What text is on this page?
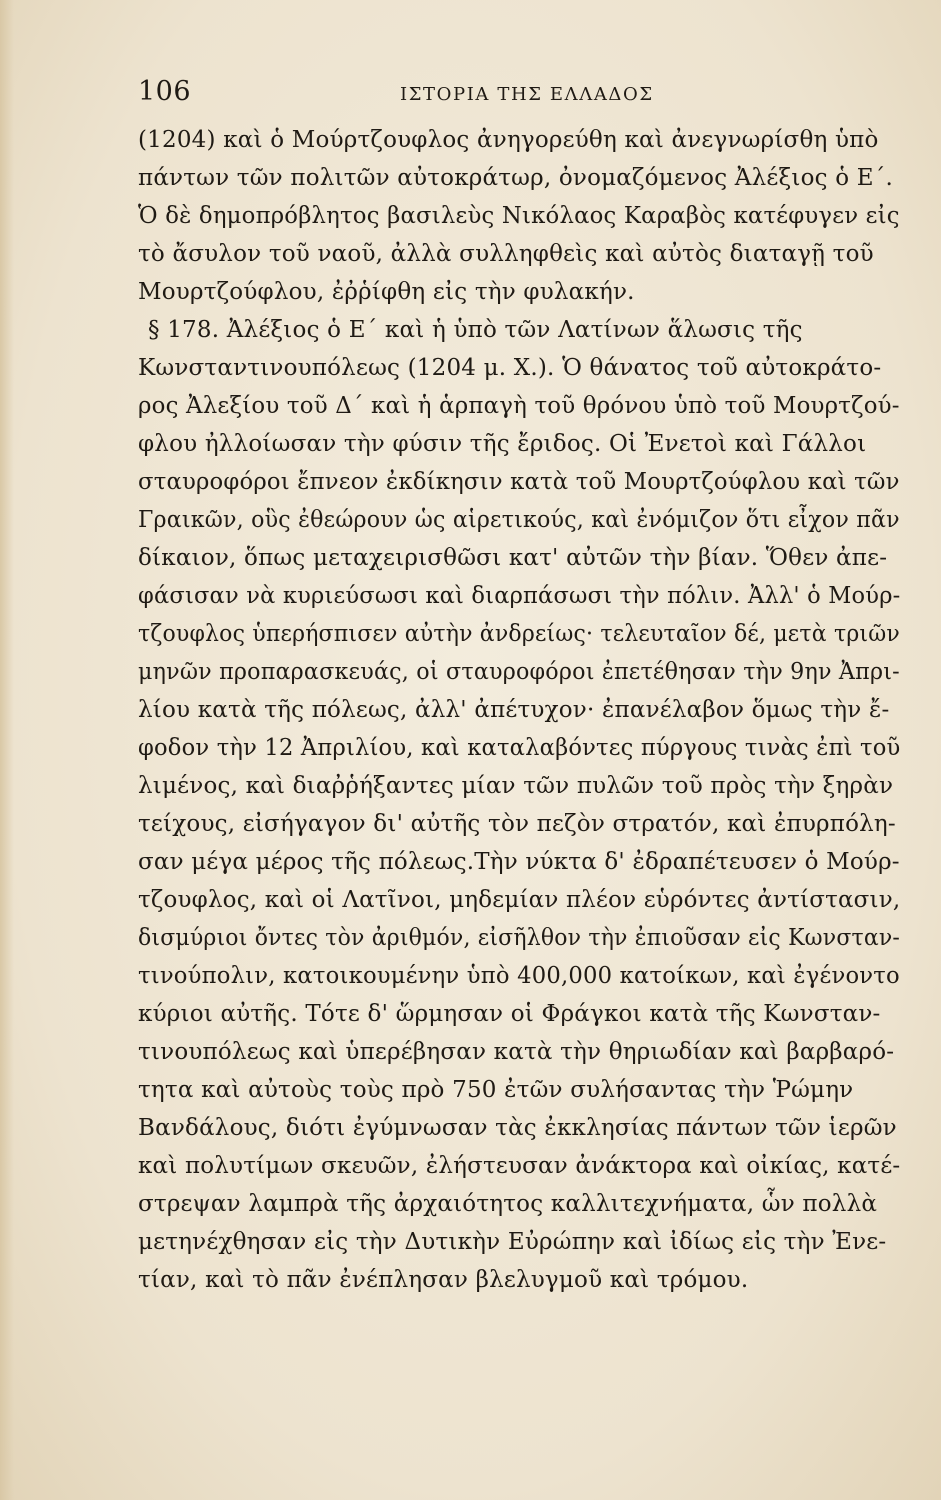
106	ΙΣΤΟΡΙΑ ΤΗΣ ΕΛΛΑΔΟΣ
(1204) καὶ ὁ Μούρτζουφλος ἀνηγορεύθη καὶ ἀνεγνωρίσθη ὑπὸ
πάντων τῶν πολιτῶν αὐτοκράτωρ, ὀνομαζόμενος Ἀλέξιος ὁ Ε΄.
Ὁ δὲ δημοπρόβλητος βασιλεὺς Νικόλαος Καραβὸς κατέφυγεν εἰς
τὸ ἄσυλον τοῦ ναοῦ, ἀλλὰ συλληφθεὶς καὶ αὐτὸς διαταγῇ τοῦ
Μουρτζούφλου, ἐῤῥίφθη εἰς τὴν φυλακήν.
§ 178. Ἀλέξιος ὁ Ε΄ καὶ ἡ ὑπὸ τῶν Λατίνων ἅλωσις τῆς
Κωνσταντινουπόλεως (1204 μ. Χ.). Ὁ θάνατος τοῦ αὐτοκράτο-
ρος Ἀλεξίου τοῦ Δ΄ καὶ ἡ ἁρπαγὴ τοῦ θρόνου ὑπὸ τοῦ Μουρτζού-
φλου ἠλλοίωσαν τὴν φύσιν τῆς ἔριδος. Οἱ Ἐνετοὶ καὶ Γάλλοι
σταυροφόροι ἔπνεον ἐκδίκησιν κατὰ τοῦ Μουρτζούφλου καὶ τῶν
Γραικῶν, οὓς ἐθεώρουν ὡς αἱρετικούς, καὶ ἐνόμιζον ὅτι εἶχον πᾶν
δίκαιον, ὅπως μεταχειρισθῶσι κατ' αὐτῶν τὴν βίαν. Ὅθεν ἀπε-
φάσισαν νὰ κυριεύσωσι καὶ διαρπάσωσι τὴν πόλιν. Ἀλλ' ὁ Μούρ-
τζουφλος ὑπερήσπισεν αὐτὴν ἀνδρείως· τελευταῖον δέ, μετὰ τριῶν
μηνῶν προπαρασκευάς, οἱ σταυροφόροι ἐπετέθησαν τὴν 9ην Ἀπρι-
λίου κατὰ τῆς πόλεως, ἀλλ' ἀπέτυχον· ἐπανέλαβον ὅμως τὴν ἔ-
φοδον τὴν 12 Ἀπριλίου, καὶ καταλαβόντες πύργους τινὰς ἐπὶ τοῦ
λιμένος, καὶ διαῤῥήξαντες μίαν τῶν πυλῶν τοῦ πρὸς τὴν ξηρὰν
τείχους, εἰσήγαγον δι' αὐτῆς τὸν πεζὸν στρατόν, καὶ ἐπυρπόλη-
σαν μέγα μέρος τῆς πόλεως.Τὴν νύκτα δ' ἐδραπέτευσεν ὁ Μούρ-
τζουφλος, καὶ οἱ Λατῖνοι, μηδεμίαν πλέον εὑρόντες ἀντίστασιν,
δισμύριοι ὄντες τὸν ἀριθμόν, εἰσῆλθον τὴν ἐπιοῦσαν εἰς Κωνσταν-
τινούπολιν, κατοικουμένην ὑπὸ 400,000 κατοίκων, καὶ ἐγένοντο
κύριοι αὐτῆς. Τότε δ' ὥρμησαν οἱ Φράγκοι κατὰ τῆς Κωνσταν-
τινουπόλεως καὶ ὑπερέβησαν κατὰ τὴν θηριωδίαν καὶ βαρβαρό-
τητα καὶ αὐτοὺς τοὺς πρὸ 750 ἐτῶν συλήσαντας τὴν Ῥώμην
Βανδάλους, διότι ἐγύμνωσαν τὰς ἐκκλησίας πάντων τῶν ἱερῶν
καὶ πολυτίμων σκευῶν, ἐλήστευσαν ἀνάκτορα καὶ οἰκίας, κατέ-
στρεψαν λαμπρὰ τῆς ἀρχαιότητος καλλιτεχνήματα, ὧν πολλὰ
μετηνέχθησαν εἰς τὴν Δυτικὴν Εὐρώπην καὶ ἰδίως εἰς τὴν Ἐνε-
τίαν, καὶ τὸ πᾶν ἐνέπλησαν βλελυγμοῦ καὶ τρόμου.
